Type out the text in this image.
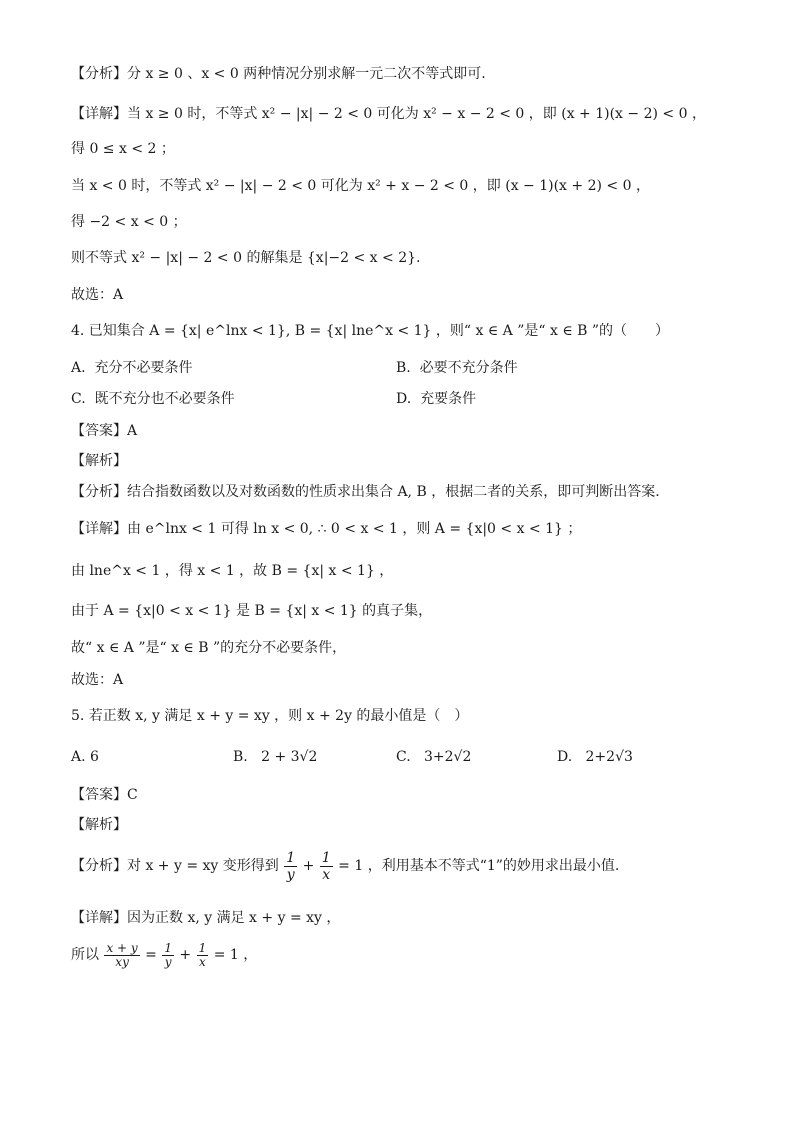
【分析】分 x ≥ 0 、x < 0 两种情况分别求解一元二次不等式即可.
【详解】当 x ≥ 0 时，不等式 x² − |x| − 2 < 0 可化为 x² − x − 2 < 0 ，即 (x + 1)(x − 2) < 0 ，
得 0 ≤ x < 2 ；
当 x < 0 时，不等式 x² − |x| − 2 < 0 可化为 x² + x − 2 < 0 ，即 (x − 1)(x + 2) < 0 ，
得 −2 < x < 0 ；
则不等式 x² − |x| − 2 < 0 的解集是 {x|−2 < x < 2}.
故选：A
4. 已知集合 A = {x| e^lnx < 1}, B = {x| lne^x < 1} ，则“ x ∈ A ”是“ x ∈ B ”的（　　）
A.  充分不必要条件	B.  必要不充分条件
C.  既不充分也不必要条件	D.  充要条件
【答案】A
【解析】
【分析】结合指数函数以及对数函数的性质求出集合 A, B ，根据二者的关系，即可判断出答案.
【详解】由 e^lnx < 1 可得 ln x < 0, ∴ 0 < x < 1 ，则 A = {x|0 < x < 1} ；
由 lne^x < 1 ，得 x < 1 ，故 B = {x| x < 1} ，
由于 A = {x|0 < x < 1} 是 B = {x| x < 1} 的真子集，
故“ x ∈ A ”是“ x ∈ B ”的充分不必要条件，
故选：A
5. 若正数 x, y 满足 x + y = xy ，则 x + 2y 的最小值是（　）
A. 6	B.   2 + 3√2	C.   3+2√2	D.   2+2√3
【答案】C
【解析】
【分析】对 x + y = xy 变形得到 $\frac{1}{y} + \frac{1}{x} = 1$ ，利用基本不等式“1”的妙用求出最小值.
【详解】因为正数 x, y 满足 x + y = xy ，
所以 $\frac{x + y}{xy} = \frac{1}{y} + \frac{1}{x} = 1$ ，
